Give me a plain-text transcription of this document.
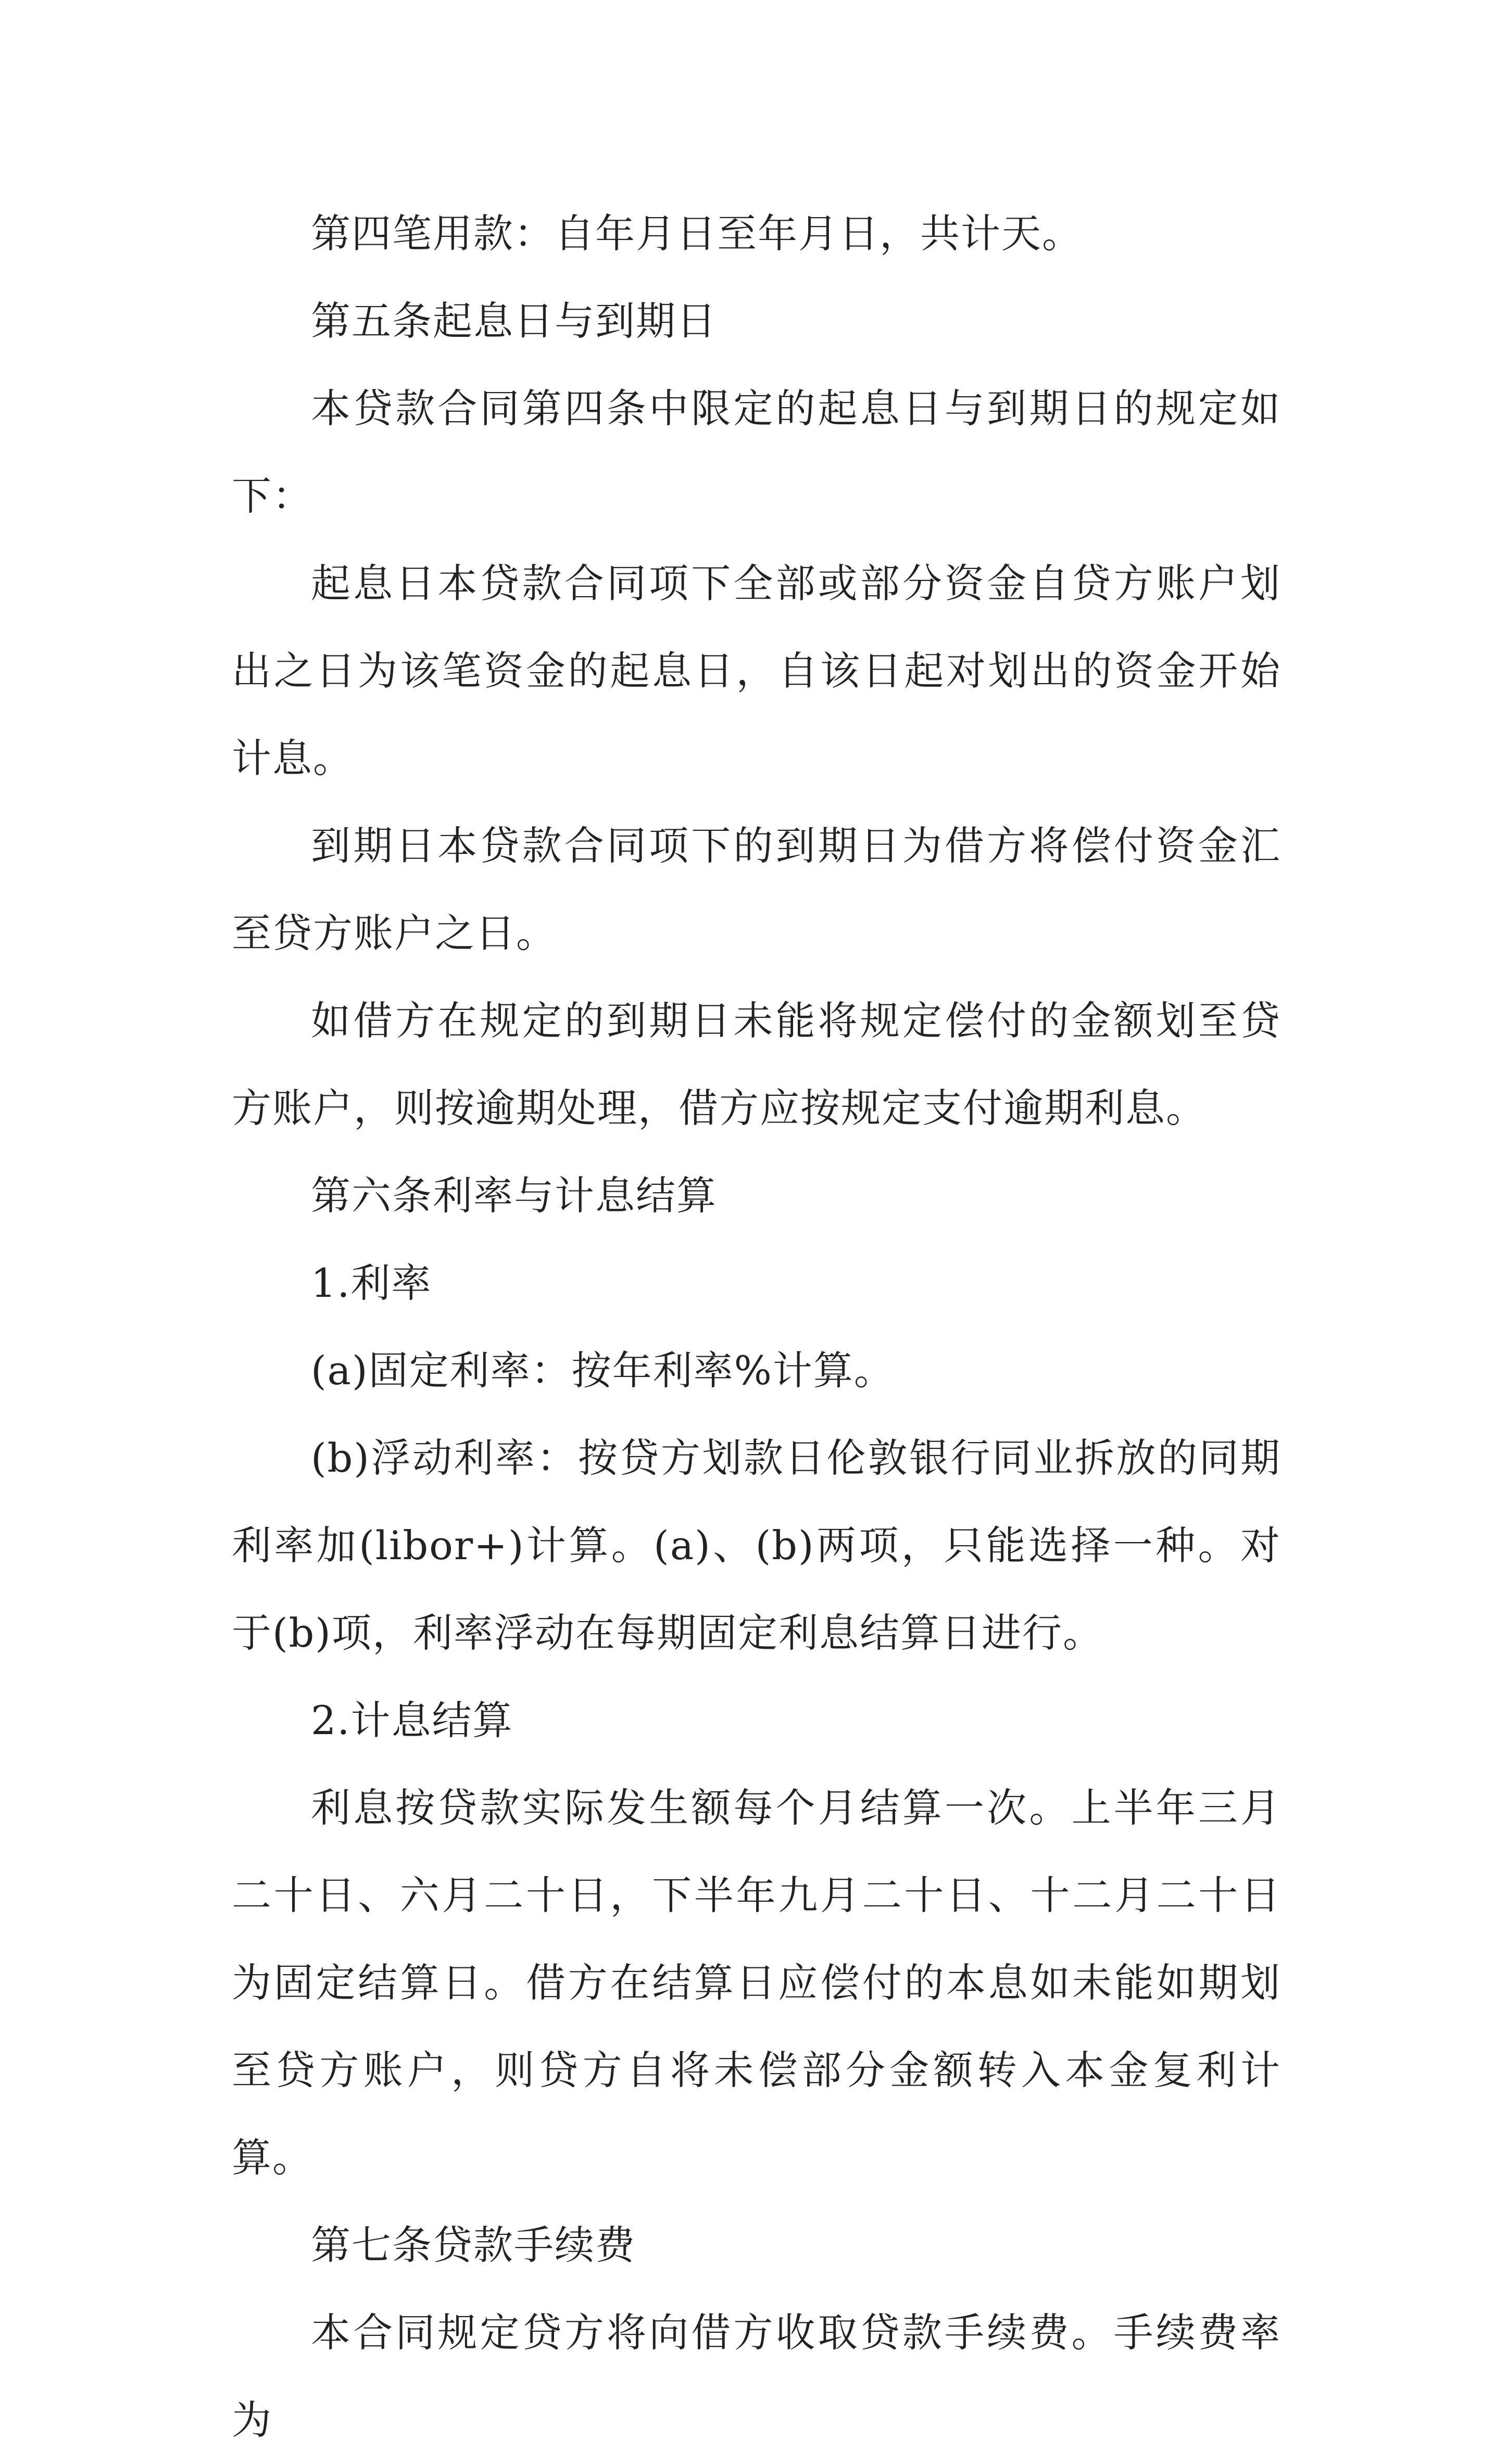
第四笔用款：自年月日至年月日，共计天。

第五条起息日与到期日

本贷款合同第四条中限定的起息日与到期日的规定如下：

起息日本贷款合同项下全部或部分资金自贷方账户划出之日为该笔资金的起息日，自该日起对划出的资金开始计息。

到期日本贷款合同项下的到期日为借方将偿付资金汇至贷方账户之日。

如借方在规定的到期日未能将规定偿付的金额划至贷方账户，则按逾期处理，借方应按规定支付逾期利息。

第六条利率与计息结算

1.利率

(a)固定利率：按年利率%计算。

(b)浮动利率：按贷方划款日伦敦银行同业拆放的同期利率加(libor+)计算。(a)、(b)两项，只能选择一种。对于(b)项，利率浮动在每期固定利息结算日进行。

2.计息结算

利息按贷款实际发生额每个月结算一次。上半年三月二十日、六月二十日，下半年九月二十日、十二月二十日为固定结算日。借方在结算日应偿付的本息如未能如期划至贷方账户，则贷方自将未偿部分金额转入本金复利计算。

第七条贷款手续费

本合同规定贷方将向借方收取贷款手续费。手续费率为
